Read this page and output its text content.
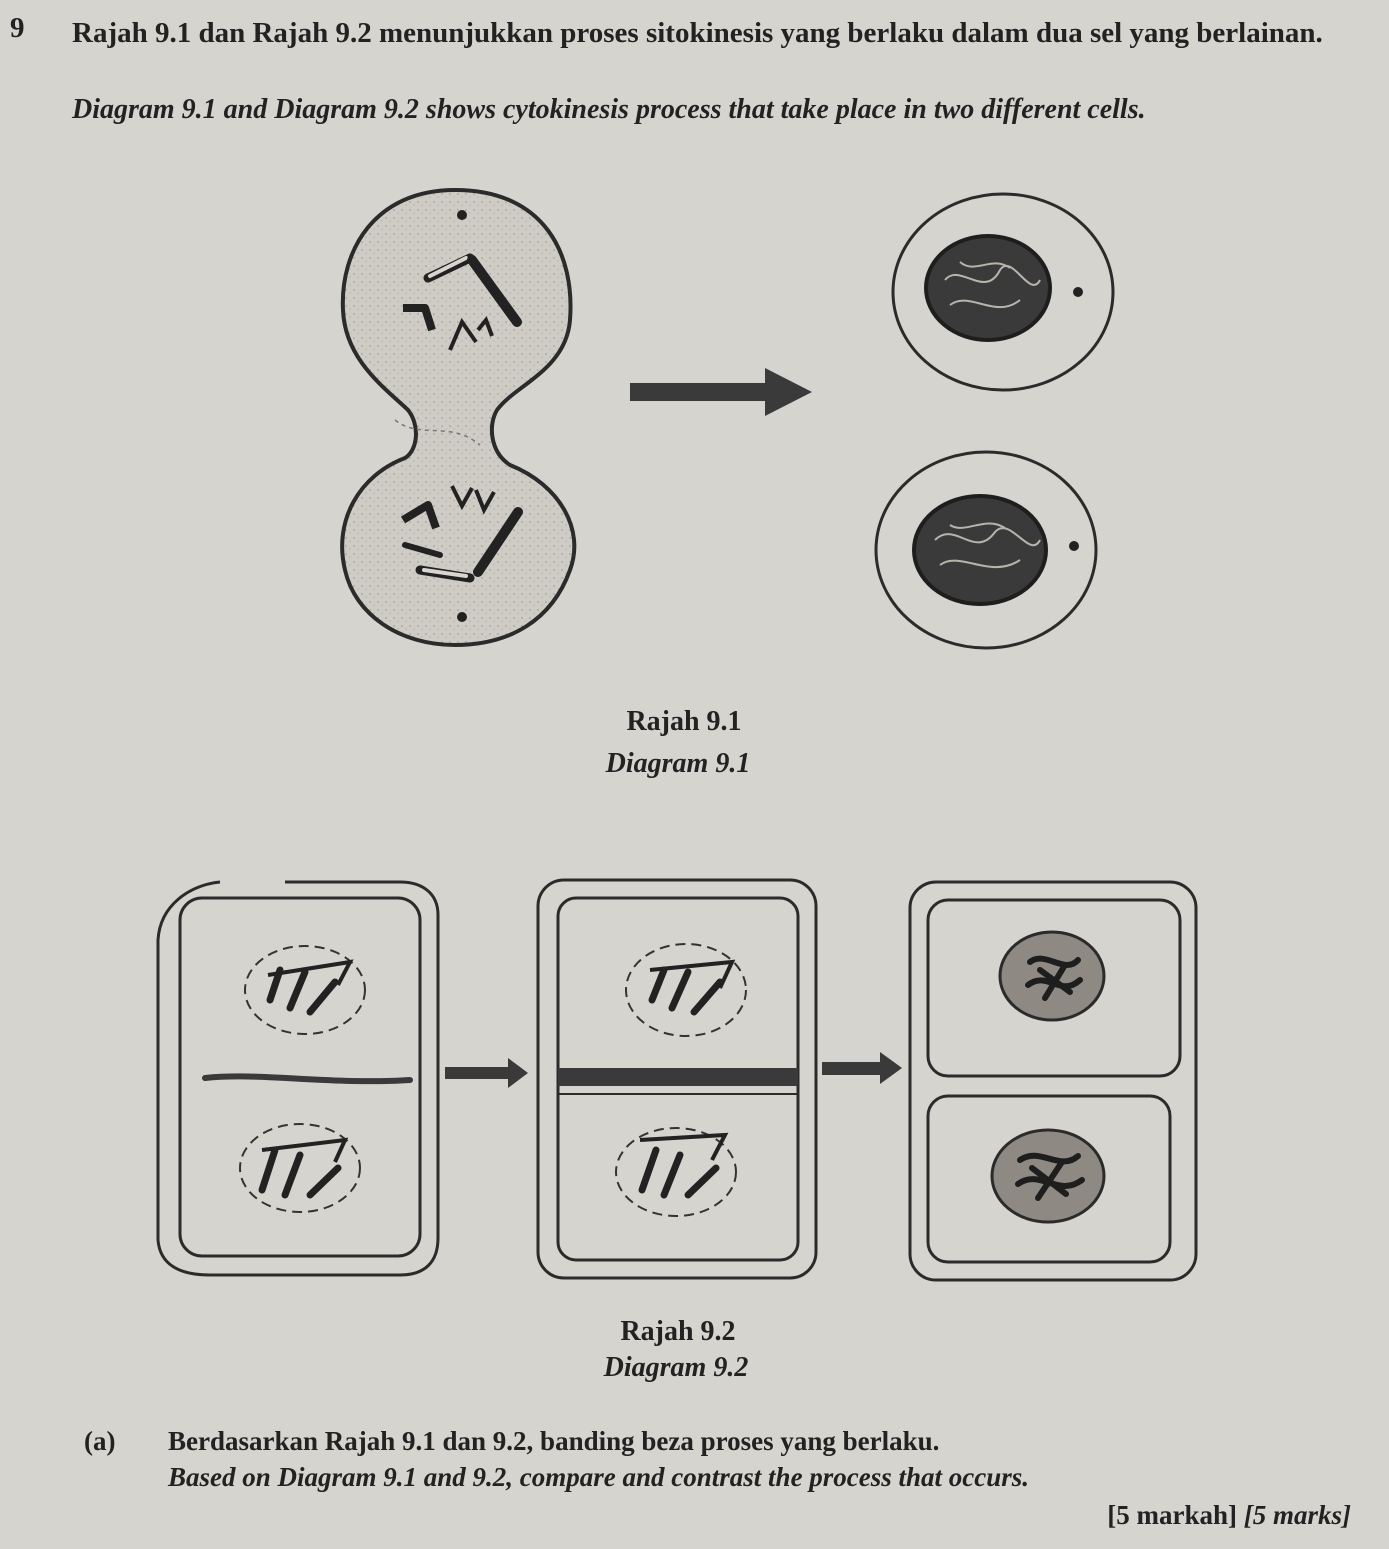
9 Rajah 9.1 dan Rajah 9.2 menunjukkan proses sitokinesis yang berlaku dalam dua sel yang berlainan.
Diagram 9.1 and Diagram 9.2 shows cytokinesis process that take place in two different cells.
Rajah 9.1
Diagram 9.1
Rajah 9.2
Diagram 9.2
(a) Berdasarkan Rajah 9.1 dan 9.2, banding beza proses yang berlaku.
Based on Diagram 9.1 and 9.2, compare and contrast the process that occurs.
[5 markah] [5 marks]
